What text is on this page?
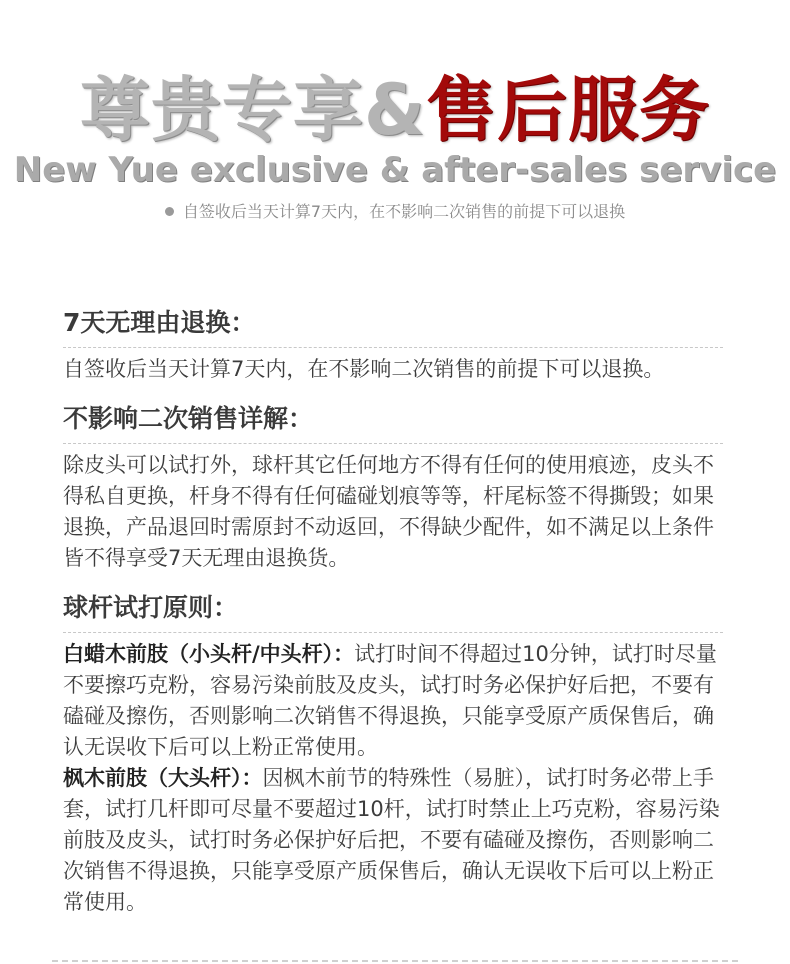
尊贵专享&售后服务
New Yue exclusive & after-sales service
自签收后当天计算7天内，在不影响二次销售的前提下可以退换
7天无理由退换：

自签收后当天计算7天内，在不影响二次销售的前提下可以退换。

不影响二次销售详解：

除皮头可以试打外，球杆其它任何地方不得有任何的使用痕迹，皮头不得私自更换，杆身不得有任何磕碰划痕等等，杆尾标签不得撕毁；如果退换，产品退回时需原封不动返回，不得缺少配件，如不满足以上条件皆不得享受7天无理由退换货。

球杆试打原则：

白蜡木前肢（小头杆/中头杆）：试打时间不得超过10分钟，试打时尽量不要擦巧克粉，容易污染前肢及皮头，试打时务必保护好后把，不要有磕碰及擦伤，否则影响二次销售不得退换，只能享受原产质保售后，确认无误收下后可以上粉正常使用。

枫木前肢（大头杆）：因枫木前节的特殊性（易脏），试打时务必带上手套，试打几杆即可尽量不要超过10杆，试打时禁止上巧克粉，容易污染前肢及皮头，试打时务必保护好后把，不要有磕碰及擦伤，否则影响二次销售不得退换，只能享受原产质保售后，确认无误收下后可以上粉正常使用。
